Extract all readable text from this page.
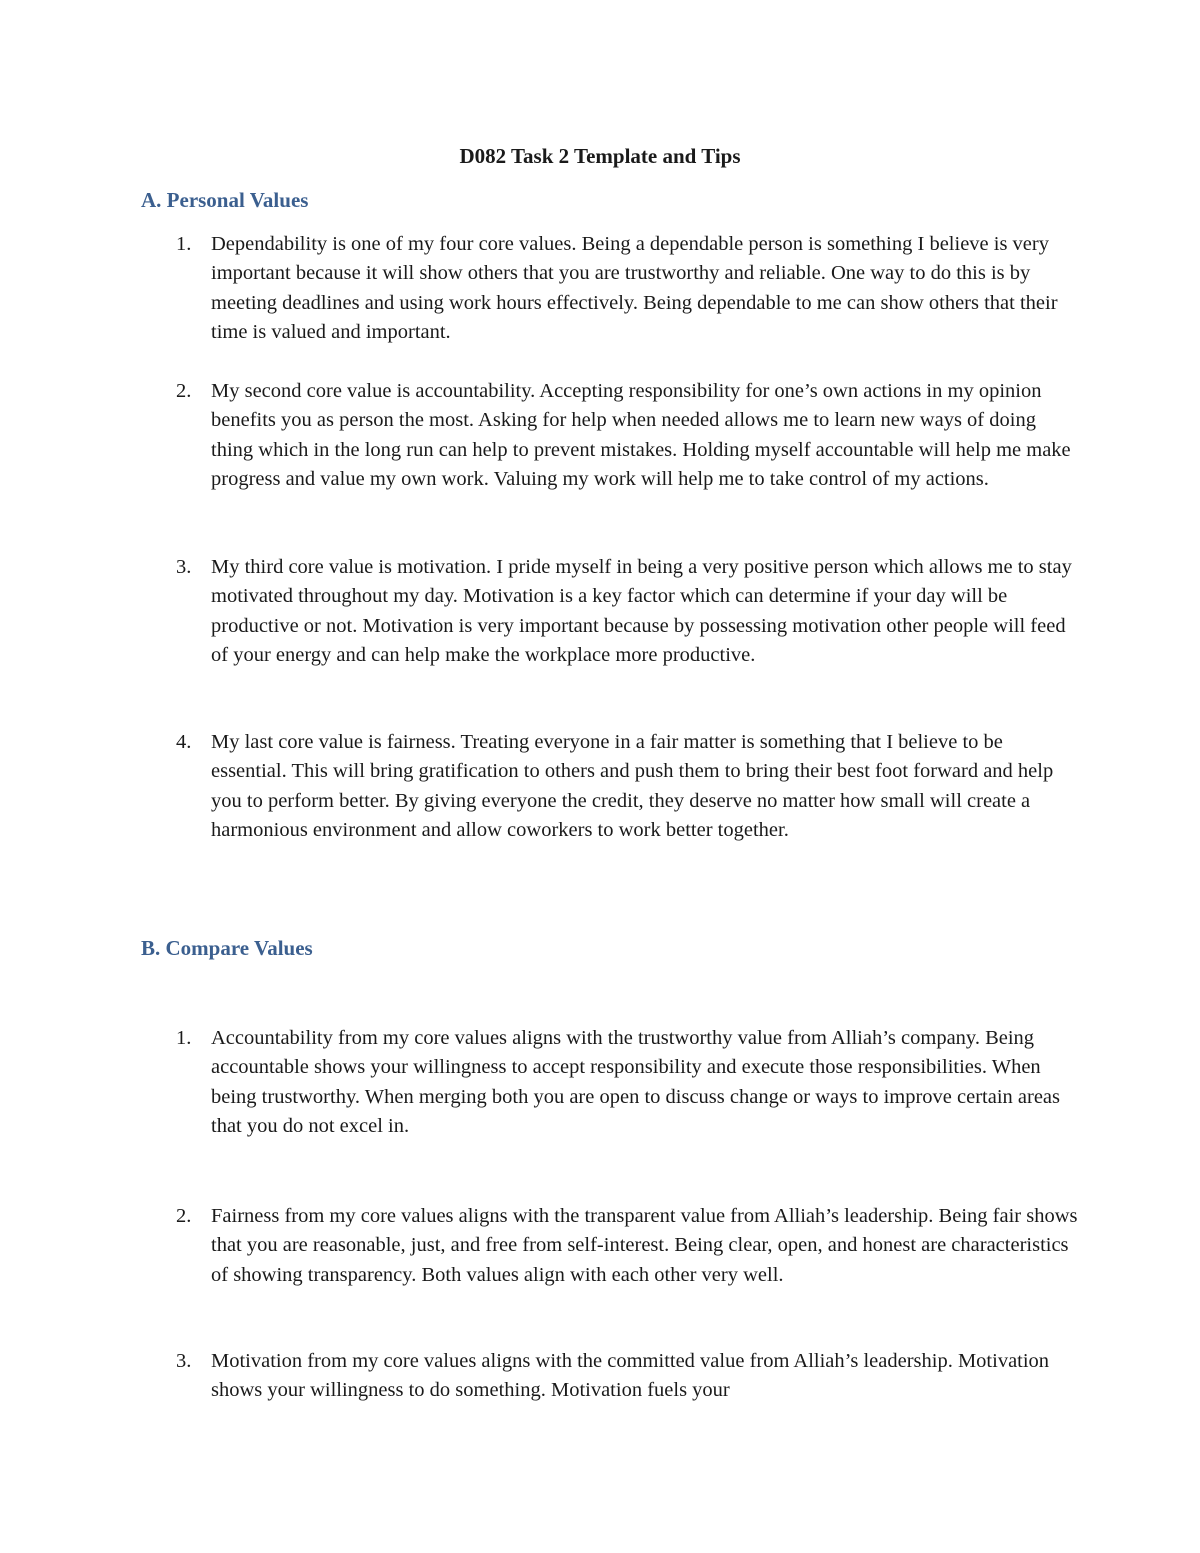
D082 Task 2 Template and Tips
A. Personal Values
1. Dependability is one of my four core values. Being a dependable person is something I believe is very important because it will show others that you are trustworthy and reliable. One way to do this is by meeting deadlines and using work hours effectively. Being dependable to me can show others that their time is valued and important.
2. My second core value is accountability. Accepting responsibility for one’s own actions in my opinion benefits you as person the most. Asking for help when needed allows me to learn new ways of doing thing which in the long run can help to prevent mistakes. Holding myself accountable will help me make progress and value my own work. Valuing my work will help me to take control of my actions.
3. My third core value is motivation. I pride myself in being a very positive person which allows me to stay motivated throughout my day. Motivation is a key factor which can determine if your day will be productive or not. Motivation is very important because by possessing motivation other people will feed of your energy and can help make the workplace more productive.
4. My last core value is fairness. Treating everyone in a fair matter is something that I believe to be essential. This will bring gratification to others and push them to bring their best foot forward and help you to perform better. By giving everyone the credit, they deserve no matter how small will create a harmonious environment and allow coworkers to work better together.
B. Compare Values
1. Accountability from my core values aligns with the trustworthy value from Alliah’s company. Being accountable shows your willingness to accept responsibility and execute those responsibilities. When being trustworthy. When merging both you are open to discuss change or ways to improve certain areas that you do not excel in.
2. Fairness from my core values aligns with the transparent value from Alliah’s leadership. Being fair shows that you are reasonable, just, and free from self-interest. Being clear, open, and honest are characteristics of showing transparency. Both values align with each other very well.
3. Motivation from my core values aligns with the committed value from Alliah’s leadership. Motivation shows your willingness to do something. Motivation fuels your
